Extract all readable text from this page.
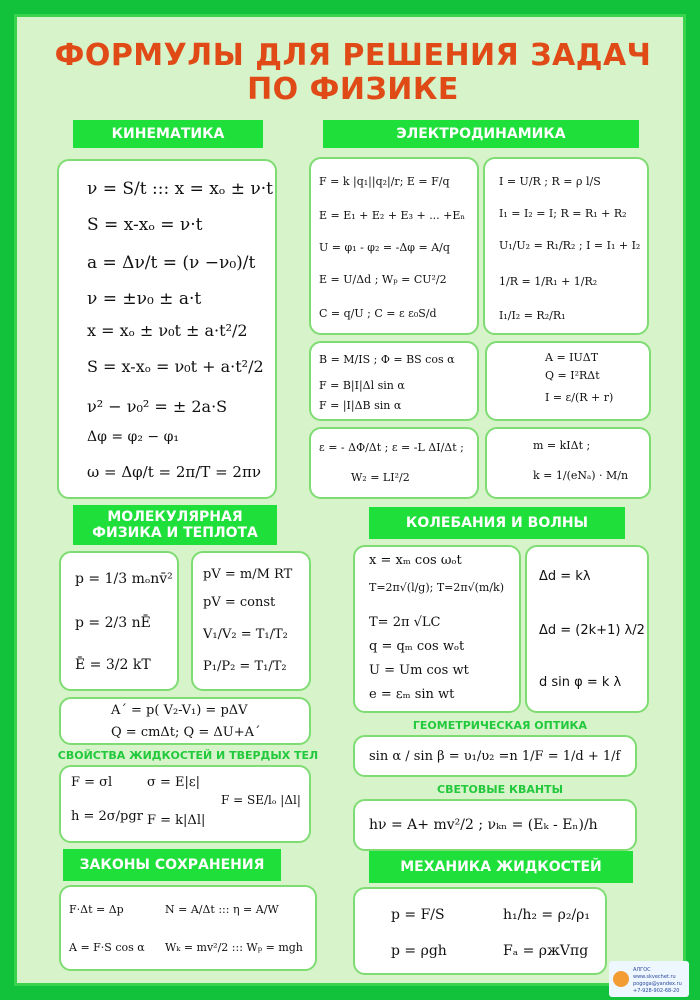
ФОРМУЛЫ ДЛЯ РЕШЕНИЯ ЗАДАЧ
ПО ФИЗИКЕ
КИНЕМАТИКА
ν = S/t ::: x = xₒ ± ν·t
S = x-xₒ = ν·t
a = Δν/t = (ν −ν₀)/t
ν = ±ν₀ ± a·t
x = xₒ ± ν₀t ± a·t²/2
S = x-xₒ = ν₀t + a·t²/2
ν² − ν₀² = ± 2a·S
Δφ = φ₂ − φ₁
ω = Δφ/t = 2π/T = 2πν
ЭЛЕКТРОДИНАМИКА
F = k |q₁||q₂|/r; E = F/q
E = E₁ + E₂ + E₃ + ... +Eₙ
U = φ₁ - φ₂ = -Δφ = A/q
E = U/Δd ; Wₚ = CU²/2
C = q/U ; C = ε ε₀S/d
I = U/R ; R = ρ l/S
I₁ = I₂ = I; R = R₁ + R₂
U₁/U₂ = R₁/R₂ ; I = I₁ + I₂
1/R = 1/R₁ + 1/R₂
I₁/I₂ = R₂/R₁
B = M/IS ; Φ = BS cos α
F = B|I|Δl sin α
F = |I|ΔB sin α
A = IUΔT
Q = I²RΔt
I = ε/(R + r)
ε = - ΔΦ/Δt ; ε = -L ΔI/Δt ;
W₂ = LI²/2
m = kIΔt ;
k = 1/(eNₐ) · M/n
МОЛЕКУЛЯРНАЯ ФИЗИКА И ТЕПЛОТА
p = 1/3 mₒnv̄²
p = 2/3 nĒ
Ē = 3/2 kT
pV = m/M RT
pV = const
V₁/V₂ = T₁/T₂
P₁/P₂ = T₁/T₂
A´ = p( V₂-V₁) = pΔV
Q = cmΔt; Q = ΔU+A´
СВОЙСТВА ЖИДКОСТЕЙ И ТВЕРДЫХ ТЕЛ
F = σl	σ = E|ε|
F = SE/lₒ |Δl|
h = 2σ/pgr F = k|Δl|
КОЛЕБАНИЯ И ВОЛНЫ
x = xₘ cos ωₒt
T=2π√(l/g); T=2π√(m/k)
T= 2π √LC
q = qₘ cos wₒt
U = Um cos wt
e = εₘ sin wt
Δd = kλ
Δd = (2k+1) λ/2
d sin φ = k λ
ГЕОМЕТРИЧЕСКАЯ ОПТИКА
sin α / sin β = υ₁/υ₂ =n 1/F = 1/d + 1/f
СВЕТОВЫЕ КВАНТЫ
hν = A+ mv²/2 ; νₖₙ = (Eₖ - Eₙ)/h
ЗАКОНЫ СОХРАНЕНИЯ
F·Δt = Δp	N = A/Δt ::: η = A/W
A = F·S cos α Wₖ = mv²/2 ::: Wₚ = mgh
МЕХАНИКА ЖИДКОСТЕЙ
p = F/S	h₁/h₂ = ρ₂/ρ₁
p = ρgh	Fₐ = ρжVпg
АЛГОС
www.skvechet.ru
pogoga@yandex.ru
+7-928-902-68-20
